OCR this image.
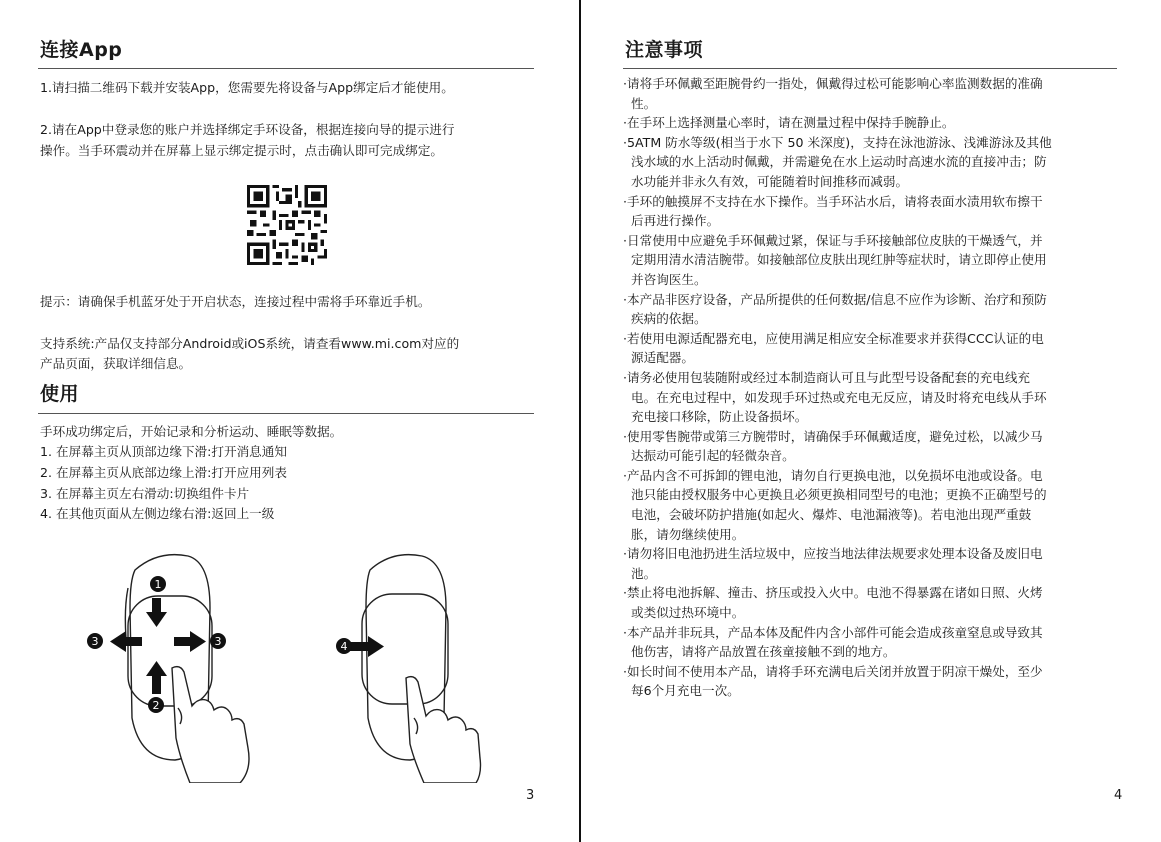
连接App

1.请扫描二维码下载并安装App，您需要先将设备与App绑定后才能使用。

2.请在App中登录您的账户并选择绑定手环设备，根据连接向导的提示进行

操作。当手环震动并在屏幕上显示绑定提示时，点击确认即可完成绑定。

提示：请确保手机蓝牙处于开启状态，连接过程中需将手环靠近手机。

支持系统:产品仅支持部分Android或iOS系统，请查看www.mi.com对应的

产品页面，获取详细信息。

使用

手环成功绑定后，开始记录和分析运动、睡眠等数据。

1. 在屏幕主页从顶部边缘下滑:打开消息通知
2. 在屏幕主页从底部边缘上滑:打开应用列表
3. 在屏幕主页左右滑动:切换组件卡片
4. 在其他页面从左侧边缘右滑:返回上一级
1
2
3	3	4
3
注意事项
·请将手环佩戴至距腕骨约一指处，佩戴得过松可能影响心率监测数据的准确
性。
·在手环上选择测量心率时，请在测量过程中保持手腕静止。
·5ATM 防水等级(相当于水下 50 米深度)，支持在泳池游泳、浅滩游泳及其他
浅水域的水上活动时佩戴，并需避免在水上运动时高速水流的直接冲击；防
水功能并非永久有效，可能随着时间推移而减弱。
·手环的触摸屏不支持在水下操作。当手环沾水后，请将表面水渍用软布擦干
后再进行操作。
·日常使用中应避免手环佩戴过紧，保证与手环接触部位皮肤的干燥透气，并
定期用清水清洁腕带。如接触部位皮肤出现红肿等症状时，请立即停止使用
并咨询医生。
·本产品非医疗设备，产品所提供的任何数据/信息不应作为诊断、治疗和预防
疾病的依据。
·若使用电源适配器充电，应使用满足相应安全标准要求并获得CCC认证的电
源适配器。
·请务必使用包装随附或经过本制造商认可且与此型号设备配套的充电线充
电。在充电过程中，如发现手环过热或充电无反应，请及时将充电线从手环
充电接口移除，防止设备损坏。
·使用零售腕带或第三方腕带时，请确保手环佩戴适度，避免过松，以减少马
达振动可能引起的轻微杂音。
·产品内含不可拆卸的锂电池，请勿自行更换电池，以免损坏电池或设备。电
池只能由授权服务中心更换且必须更换相同型号的电池；更换不正确型号的
电池，会破坏防护措施(如起火、爆炸、电池漏液等)。若电池出现严重鼓
胀，请勿继续使用。
·请勿将旧电池扔进生活垃圾中，应按当地法律法规要求处理本设备及废旧电
池。
·禁止将电池拆解、撞击、挤压或投入火中。电池不得暴露在诸如日照、火烤
或类似过热环境中。
·本产品并非玩具，产品本体及配件内含小部件可能会造成孩童窒息或导致其
他伤害，请将产品放置在孩童接触不到的地方。
·如长时间不使用本产品，请将手环充满电后关闭并放置于阴凉干燥处，至少
每6个月充电一次。
4
